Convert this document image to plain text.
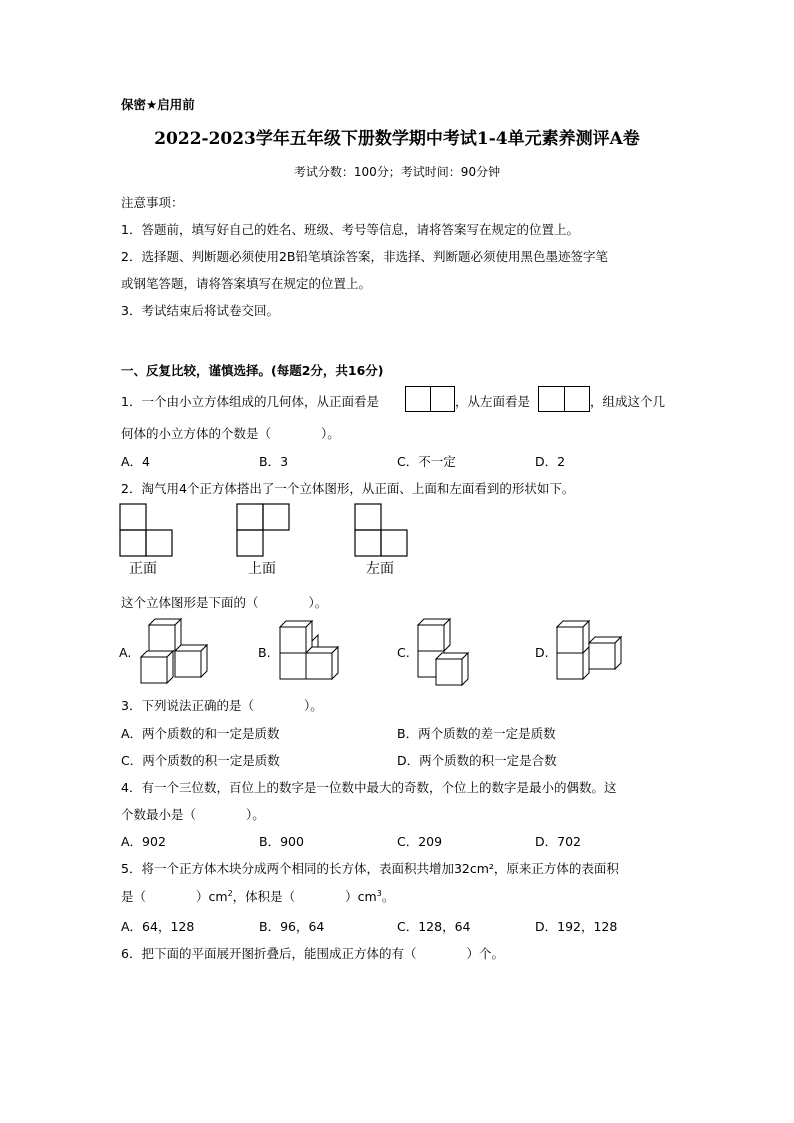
保密★启用前
2022-2023学年五年级下册数学期中考试1-4单元素养测评A卷
考试分数：100分；考试时间：90分钟
注意事项：
1．答题前，填写好自己的姓名、班级、考号等信息，请将答案写在规定的位置上。
2．选择题、判断题必须使用2B铅笔填涂答案，非选择、判断题必须使用黑色墨迹签字笔
或钢笔答题，请将答案填写在规定的位置上。
3．考试结束后将试卷交回。
一、反复比较，谨慎选择。(每题2分，共16分)
1．一个由小立方体组成的几何体，从正面看是	，从左面看是	，组成这个几
何体的小立方体的个数是（　　　　）。
A．4	B．3	C．不一定	D．2
2．淘气用4个正方体搭出了一个立体图形，从正面、上面和左面看到的形状如下。
正面	上面	左面
这个立体图形是下面的（　　　　）。
A.	B.	C.	D.
3．下列说法正确的是（　　　　）。
A．两个质数的和一定是质数	B．两个质数的差一定是质数
C．两个质数的积一定是质数	D．两个质数的积一定是合数
4．有一个三位数，百位上的数字是一位数中最大的奇数，个位上的数字是最小的偶数。这
个数最小是（　　　　）。
A．902	B．900	C．209	D．702
5．将一个正方体木块分成两个相同的长方体，表面积共增加32cm²，原来正方体的表面积
是（　　　　）$cm^2$，体积是（　　　　）$cm^3$。
A．64，128	B．96，64	C．128，64	D．192，128
6．把下面的平面展开图折叠后，能围成正方体的有（　　　　）个。
